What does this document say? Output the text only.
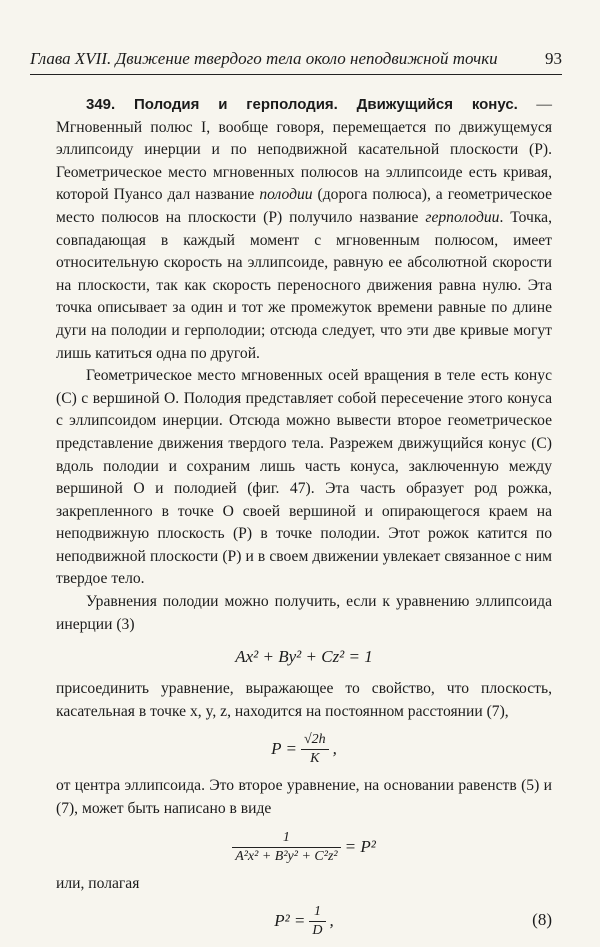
Глава XVII. Движение твердого тела около неподвижной точки	93

349. Полодия и герполодия. Движущийся конус. — Мгновенный полюс I, вообще говоря, перемещается по движущемуся эллипсоиду инерции и по неподвижной касательной плоскости (P). Геометрическое место мгновенных полюсов на эллипсоиде есть кривая, которой Пуансо дал название полодии (дорога полюса), а геометрическое место полюсов на плоскости (P) получило название герполодии. Точка, совпадающая в каждый момент с мгновенным полюсом, имеет относительную скорость на эллипсоиде, равную ее абсолютной скорости на плоскости, так как скорость переносного движения равна нулю. Эта точка описывает за один и тот же промежуток времени равные по длине дуги на полодии и герполодии; отсюда следует, что эти две кривые могут лишь катиться одна по другой.

Геометрическое место мгновенных осей вращения в теле есть конус (C) с вершиной O. Полодия представляет собой пересечение этого конуса с эллипсоидом инерции. Отсюда можно вывести второе геометрическое представление движения твердого тела. Разрежем движущийся конус (C) вдоль полодии и сохраним лишь часть конуса, заключенную между вершиной O и полодией (фиг. 47). Эта часть образует род рожка, закрепленного в точке O своей вершиной и опирающегося краем на неподвижную плоскость (P) в точке полодии. Этот рожок катится по неподвижной плоскости (P) и в своем движении увлекает связанное с ним твердое тело.

Уравнения полодии можно получить, если к уравнению эллипсоида инерции (3)

Ax² + By² + Cz² = 1

присоединить уравнение, выражающее то свойство, что плоскость, касательная в точке x, y, z, находится на постоянном расстоянии (7),

$P = \frac{√2h}{K}$ ,

от центра эллипсоида. Это второе уравнение, на основании равенств (5) и (7), может быть написано в виде

$\frac{1}{\text{A²x² + B²y² + C²z²}} = P^2$

или, полагая

$P^2 = \frac{1}{D}$ ,	(8)
